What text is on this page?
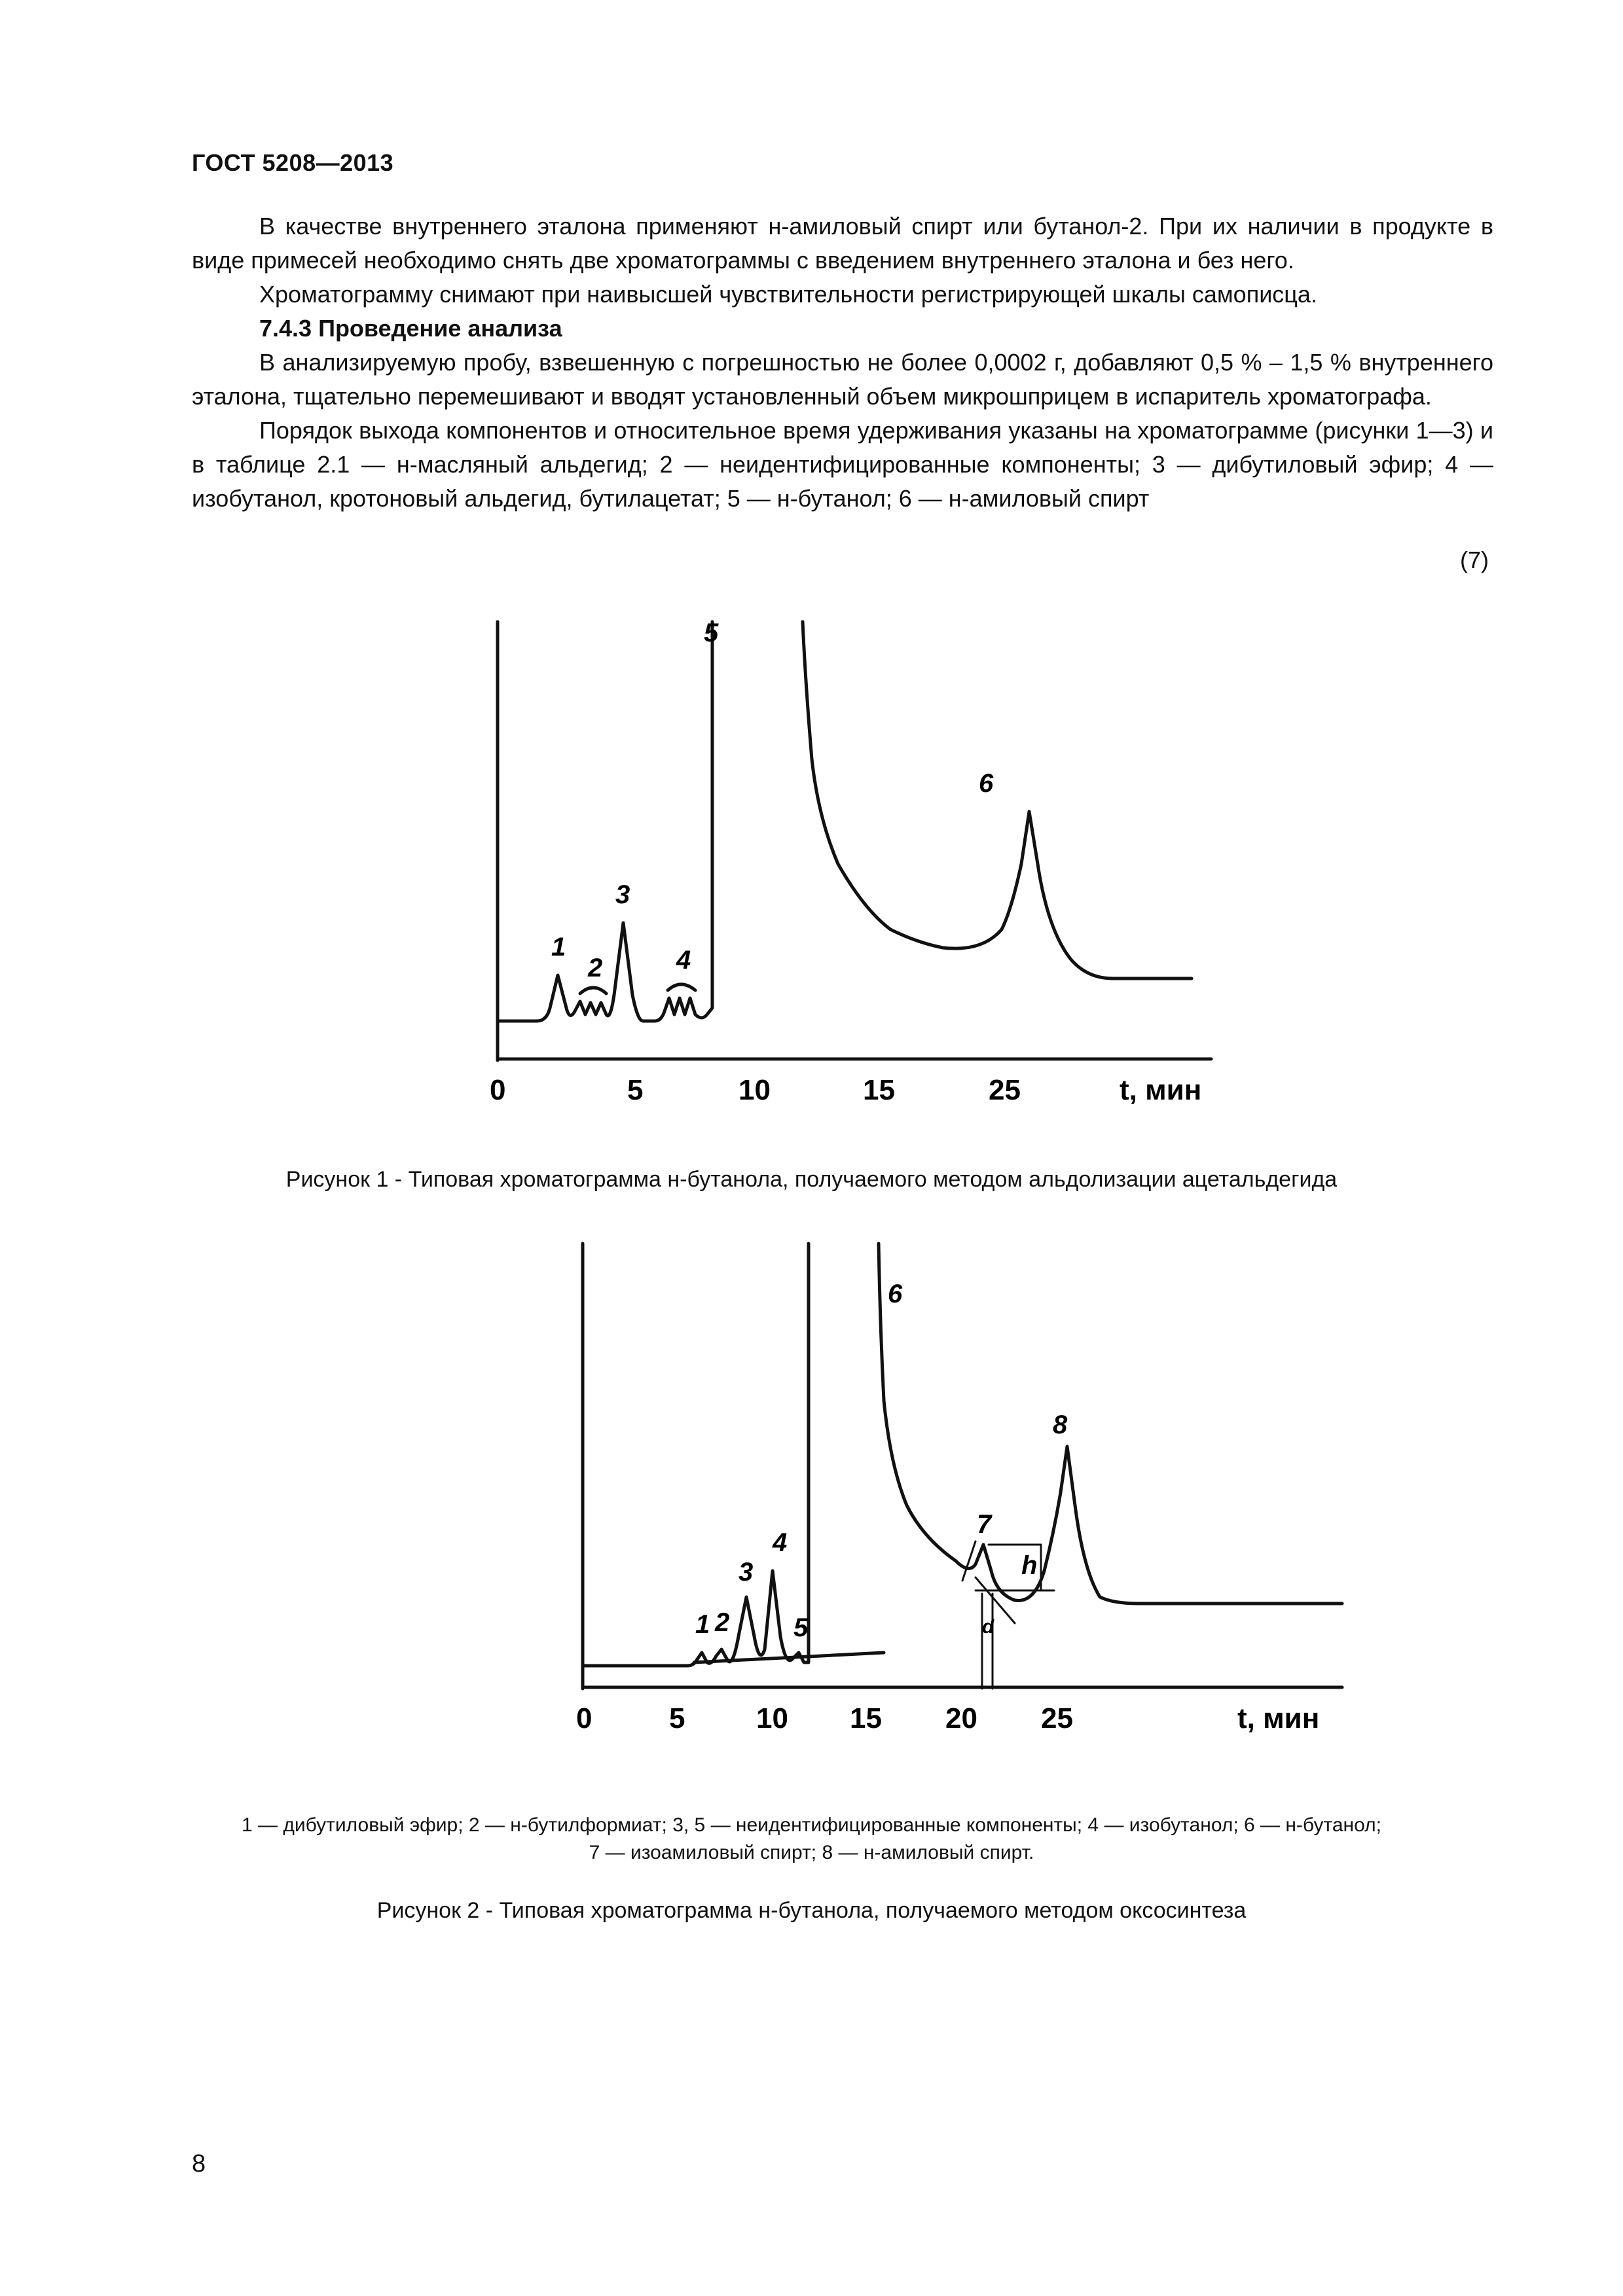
ГОСТ 5208—2013

В качестве внутреннего эталона применяют н-амиловый спирт или бутанол-2. При их наличии в продукте в виде примесей необходимо снять две хроматограммы с введением внутреннего эталона и без него.

Хроматограмму снимают при наивысшей чувствительности регистрирующей шкалы самописца.

7.4.3 Проведение анализа

В анализируемую пробу, взвешенную с погрешностью не более 0,0002 г, добавляют 0,5 % – 1,5 % внутреннего эталона, тщательно перемешивают и вводят установленный объем микрошприцем в испаритель хроматографа.

Порядок выхода компонентов и относительное время удерживания указаны на хроматограмме (рисунки 1—3) и в таблице 2.1 — н-масляный альдегид; 2 — неидентифицированные компоненты; 3 — дибутиловый эфир; 4 — изобутанол, кротоновый альдегид, бутилацетат; 5 — н-бутанол; 6 — н-амиловый спирт

(7)
1
2
3
4
5
6
0	5	10	15	25	t, мин
Рисунок 1 - Типовая хроматограмма н-бутанола, получаемого методом альдолизации ацетальдегида
1 2
3
4
5
6
7
8
h
d
0	5 10 15 20 25	t, мин
1 — дибутиловый эфир; 2 — н-бутилформиат; 3, 5 — неидентифицированные компоненты; 4 — изобутанол; 6 — н-бутанол;
7 — изоамиловый спирт; 8 — н-амиловый спирт.
Рисунок 2 - Типовая хроматограмма н-бутанола, получаемого методом оксосинтеза
8
